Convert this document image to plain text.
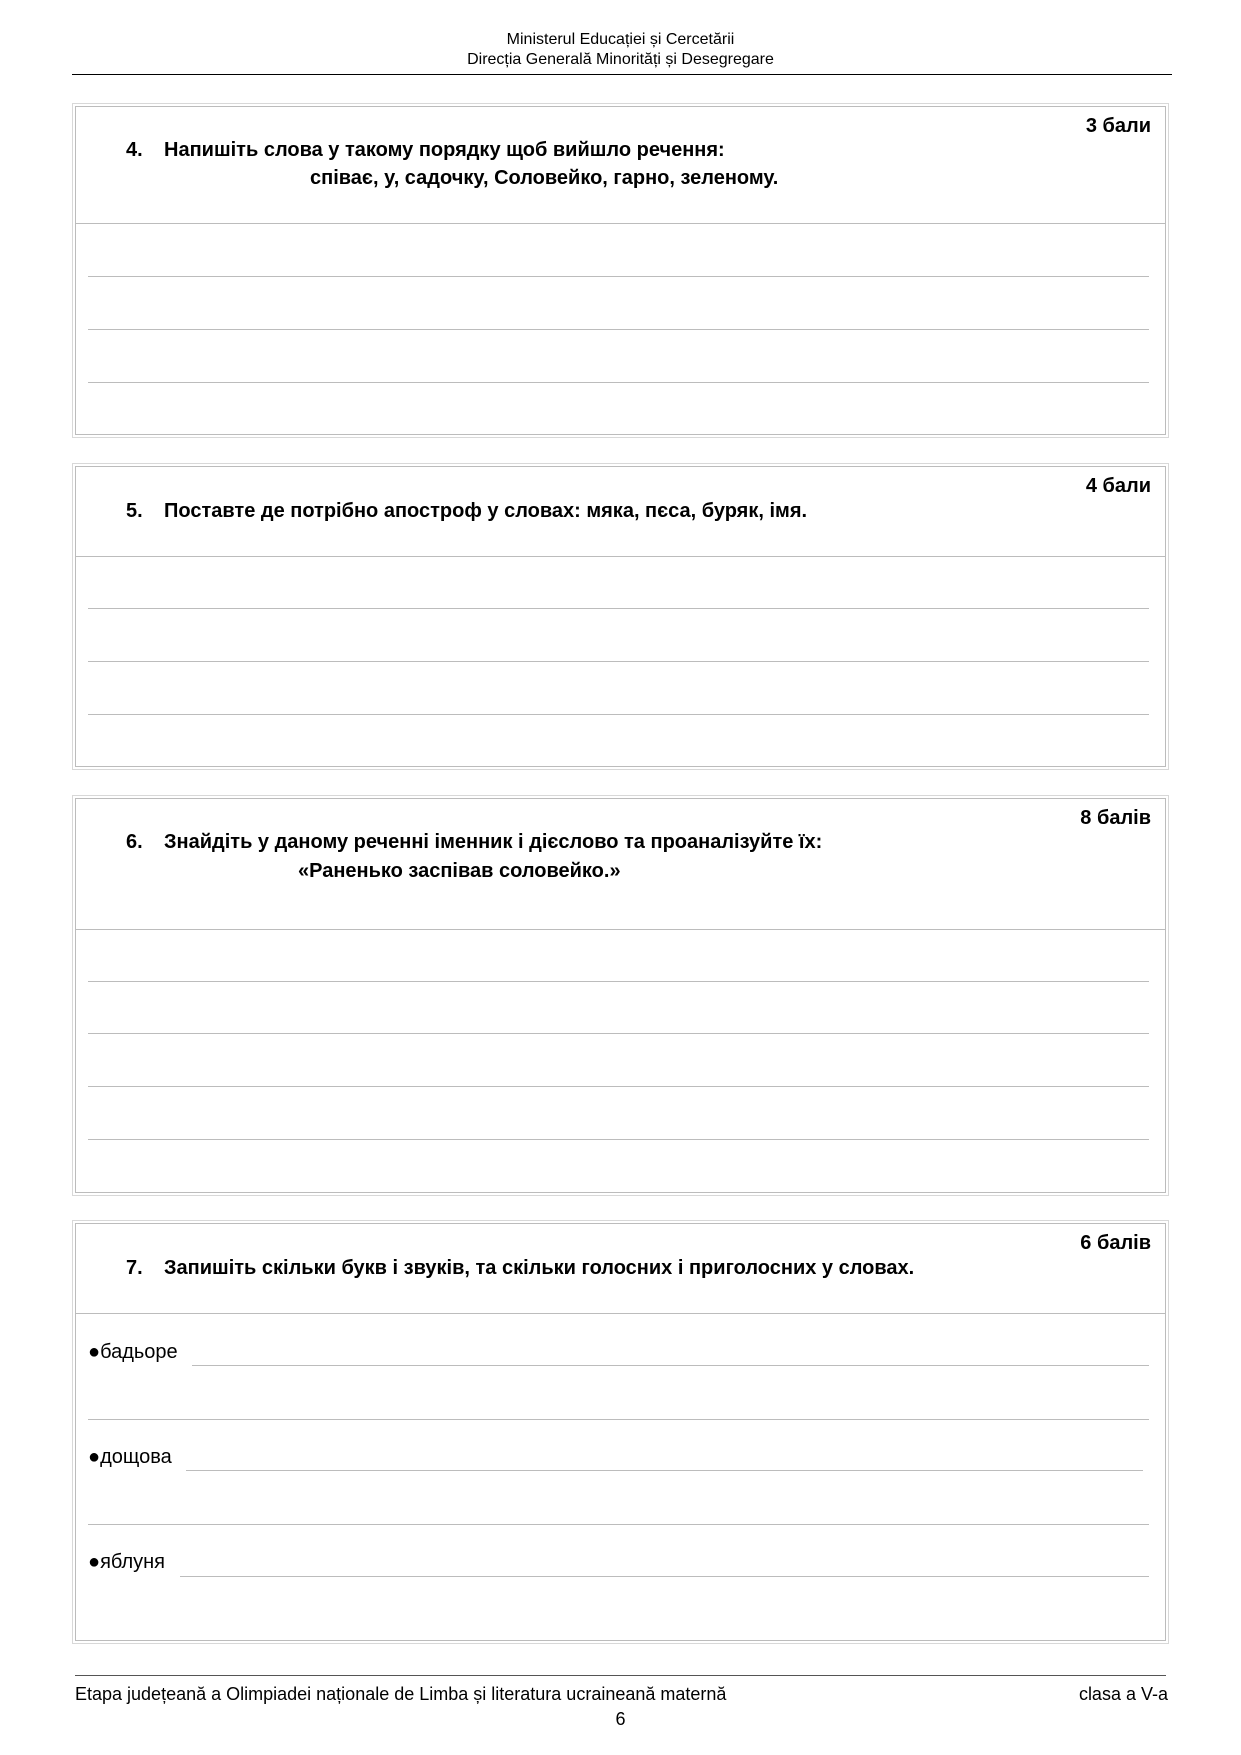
Ministerul Educației și Cercetării
Direcția Generală Minorități și Desegregare
3 бали
4. Напишіть слова у такому порядку щоб вийшло речення:
співає, у, садочку, Соловейко, гарно, зеленому.
4 бали
5. Поставте де потрібно апостроф у словах: мяка, пєса, буряк, імя.
8 балів
6. Знайдіть у даному реченні іменник і дієслово та проаналізуйте їх:
«Раненько заспівав соловейко.»
6 балів
7. Запишіть скільки букв і звуків, та скільки голосних і приголосних у словах.
●бадьоре
●дощова
●яблуня
Etapa județeană a Olimpiadei naționale de Limba și literatura ucraineană maternă	clasa a V-a
6
